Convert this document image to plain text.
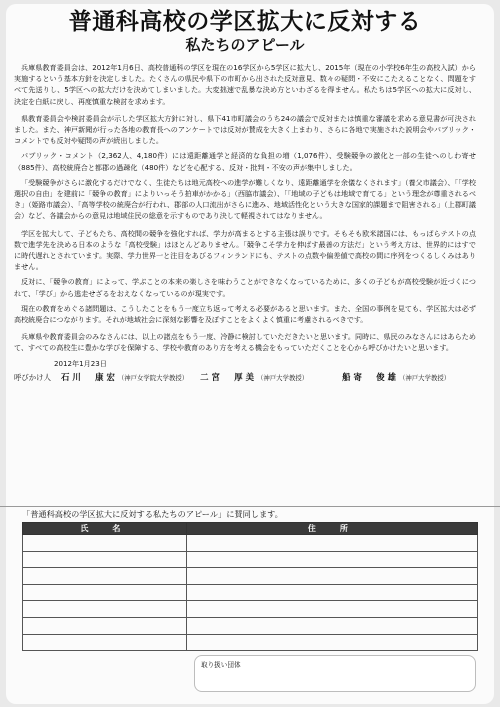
普通科高校の学区拡大に反対する
私たちのアピール

兵庫県教育委員会は、2012年1月6日、高校普通科の学区を現在の16学区から5学区に拡大し、2015年（現在の小学校6年生の高校入試）から実施するという基本方針を決定しました。たくさんの県民や県下の市町から出された反対意見、数々の疑問・不安にこたえることなく、問題をすべて先送りし、5学区への拡大だけを決めてしまいました。大変拙速で乱暴な決め方といわざるを得ません。私たちは5学区への拡大に反対し、決定を白紙に戻し、再度慎重な検討を求めます。

県教育委員会や検討委員会が示した学区拡大方針に対し、県下41市町議会のうち24の議会で反対または慎重な審議を求める意見書が可決されました。また、神戸新聞が行った各地の教育長へのアンケートでは反対が賛成を大きく上まわり、さらに各地で実施された説明会やパブリック・コメントでも反対や疑問の声が続出しました。

パブリック・コメント（2,362人、4,180件）には遠距離通学と経済的な負担の増（1,076件）、受験競争の激化と一部の生徒へのしわ寄せ（885件）、高校統廃合と都郡の過疎化（480件）などを心配する、反対・批判・不安の声が集中しました。

「受験競争がさらに激化するだけでなく、生徒たちは地元高校への進学が難しくなり、遠距離通学を余儀なくされます」（養父市議会）、「「学校選択の自由」を建前に「競争の教育」によりいっそう拍車がかかる」（西脇市議会）、「「地域の子どもは地域で育てる」という理念が尊重されるべき」（姫路市議会）、「高等学校の統廃合が行われ、郡部の人口流出がさらに進み、地域活性化という大きな国家的課題まで阻害される」（上郡町議会）など、各議会からの意見は地域住民の総意を示すものであり決して軽視されてはなりません。

学区を拡大して、子どもたち、高校間の競争を強化すれば、学力が高まるとする主張は誤りです。そもそも欧米諸国には、もっぱらテストの点数で進学先を決める日本のような「高校受験」はほとんどありません。「競争こそ学力を伸ばす最善の方法だ」という考え方は、世界的にはすでに時代遅れとされています。実際、学力世界一と注目をあびるフィンランドにも、テストの点数や偏差値で高校の間に序列をつくるしくみはありません。

反対に、「競争の教育」によって、学ぶことの本来の楽しさを味わうことができなくなっているために、多くの子どもが高校受験が近づくにつれて、「学び」から逃走せざるをおえなくなっているのが現実です。

現在の教育をめぐる諸問題は、こうしたことをもう一度立ち返って考える必要があると思います。また、全国の事例を見ても、学区拡大は必ず高校統廃合につながります。それが地域社会に深刻な影響を及ぼすことをよくよく慎重に考慮されるべきです。

兵庫県や教育委員会のみなさんには、以上の諸点をもう一度、冷静に検討していただきたいと思います。同時に、県民のみなさんにはあらためて、すべての高校生に豊かな学びを保障する、学校や教育のあり方を考える機会をもっていただくことを心から呼びかけたいと思います。

2012年1月23日
呼びかけ人 石川　康宏 （神戸女学院大学教授） 二宮　厚美 （神戸大学教授）	船寄　俊雄 （神戸大学教授）
「普通科高校の学区拡大に反対する私たちのアピール」に賛同します。
氏　名	住　所

取り扱い団体
